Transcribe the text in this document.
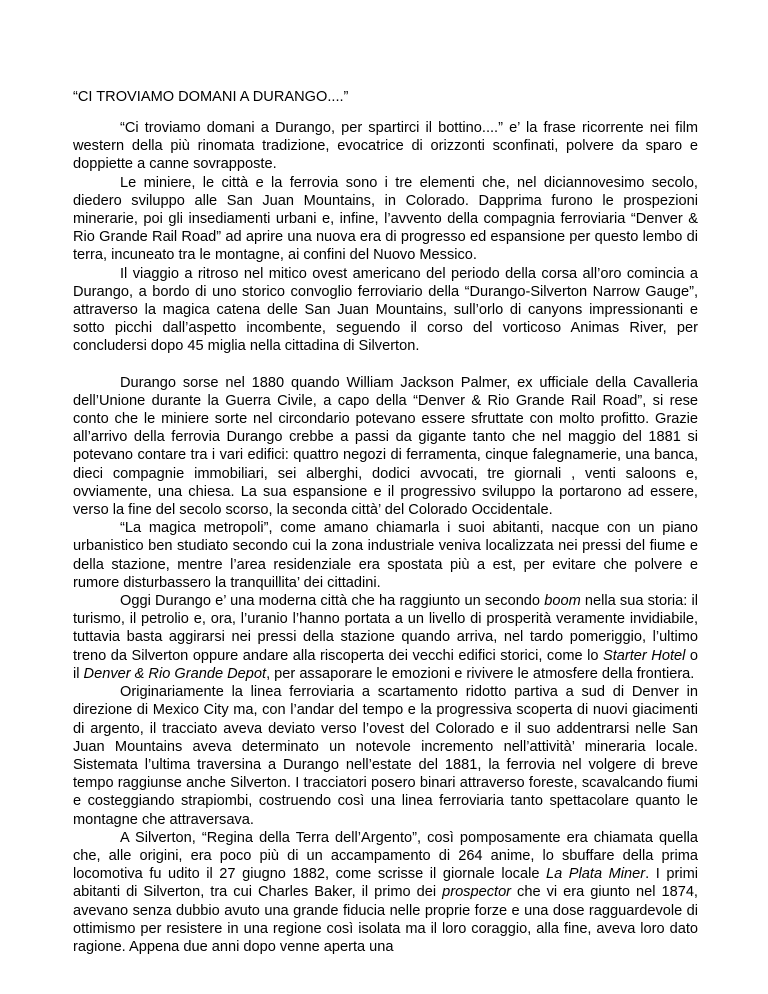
“CI TROVIAMO DOMANI A DURANGO....”

“Ci troviamo domani a Durango, per spartirci il bottino....” e’ la frase ricorrente nei film western della più rinomata tradizione, evocatrice di orizzonti sconfinati, polvere da sparo e doppiette a canne sovrapposte.

Le miniere, le città e la ferrovia sono i tre elementi che, nel diciannovesimo secolo, diedero sviluppo alle San Juan Mountains, in Colorado. Dapprima furono le prospezioni minerarie, poi gli insediamenti urbani e, infine, l’avvento della compagnia ferroviaria “Denver & Rio Grande Rail Road” ad aprire una nuova era di progresso ed espansione per questo lembo di terra, incuneato tra le montagne, ai confini del Nuovo Messico.

Il viaggio a ritroso nel mitico ovest americano del periodo della corsa all’oro comincia a Durango, a bordo di uno storico convoglio ferroviario della “Durango-Silverton Narrow Gauge”, attraverso la magica catena delle San Juan Mountains, sull’orlo di canyons impressionanti e sotto picchi dall’aspetto incombente, seguendo il corso del vorticoso Animas River, per concludersi dopo 45 miglia nella cittadina di Silverton.

Durango sorse nel 1880 quando William Jackson Palmer, ex ufficiale della Cavalleria dell’Unione durante la Guerra Civile, a capo della “Denver & Rio Grande Rail Road”, si rese conto che le miniere sorte nel circondario potevano essere sfruttate con molto profitto. Grazie all’arrivo della ferrovia Durango crebbe a passi da gigante tanto che nel maggio del 1881 si potevano contare tra i vari edifici: quattro negozi di ferramenta, cinque falegnamerie, una banca, dieci compagnie immobiliari, sei alberghi, dodici avvocati, tre giornali , venti saloons e, ovviamente, una chiesa. La sua espansione e il progressivo sviluppo la portarono ad essere, verso la fine del secolo scorso, la seconda città’ del Colorado Occidentale.

“La magica metropoli”, come amano chiamarla i suoi abitanti, nacque con un piano urbanistico ben studiato secondo cui la zona industriale veniva localizzata nei pressi del fiume e della stazione, mentre l’area residenziale era spostata più a est, per evitare che polvere e rumore disturbassero la tranquillita’ dei cittadini.

Oggi Durango e’ una moderna città che ha raggiunto un secondo boom nella sua storia: il turismo, il petrolio e, ora, l’uranio l’hanno portata a un livello di prosperità veramente invidiabile, tuttavia basta aggirarsi nei pressi della stazione quando arriva, nel tardo pomeriggio, l’ultimo treno da Silverton oppure andare alla riscoperta dei vecchi edifici storici, come lo Starter Hotel o il Denver & Rio Grande Depot, per assaporare le emozioni e rivivere le atmosfere della frontiera.

Originariamente la linea ferroviaria a scartamento ridotto partiva a sud di Denver in direzione di Mexico City ma, con l’andar del tempo e la progressiva scoperta di nuovi giacimenti di argento, il tracciato aveva deviato verso l’ovest del Colorado e il suo addentrarsi nelle San Juan Mountains aveva determinato un notevole incremento nell’attività’ mineraria locale. Sistemata l’ultima traversina a Durango nell’estate del 1881, la ferrovia nel volgere di breve tempo raggiunse anche Silverton. I tracciatori posero binari attraverso foreste, scavalcando fiumi e costeggiando strapiombi, costruendo così una linea ferroviaria tanto spettacolare quanto le montagne che attraversava.

A Silverton, “Regina della Terra dell’Argento”, così pomposamente era chiamata quella che, alle origini, era poco più di un accampamento di 264 anime, lo sbuffare della prima locomotiva fu udito il 27 giugno 1882, come scrisse il giornale locale La Plata Miner. I primi abitanti di Silverton, tra cui Charles Baker, il primo dei prospector che vi era giunto nel 1874, avevano senza dubbio avuto una grande fiducia nelle proprie forze e una dose ragguardevole di ottimismo per resistere in una regione così isolata ma il loro coraggio, alla fine, aveva loro dato ragione. Appena due anni dopo venne aperta una
